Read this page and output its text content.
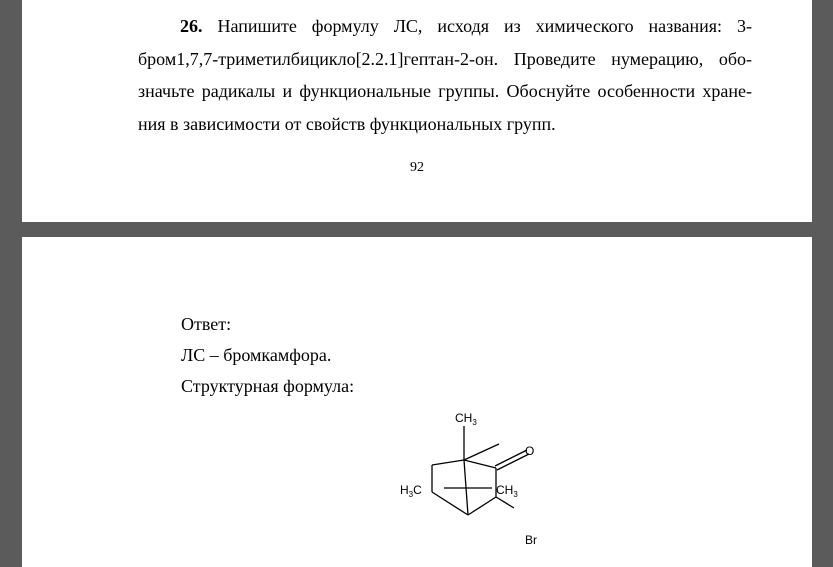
26. Напишите формулу ЛС, исходя из химического названия: 3-
бром1,7,7-триметилбицикло[2.2.1]гептан-2-он. Проведите нумерацию, обо-
значьте радикалы и функциональные группы. Обоснуйте особенности хране-
ния в зависимости от свойств функциональных групп.
92
Ответ:
ЛС – бромкамфора.
Структурная формула:
$CH_3$
O
$H_3C$	$CH_3$
Br
